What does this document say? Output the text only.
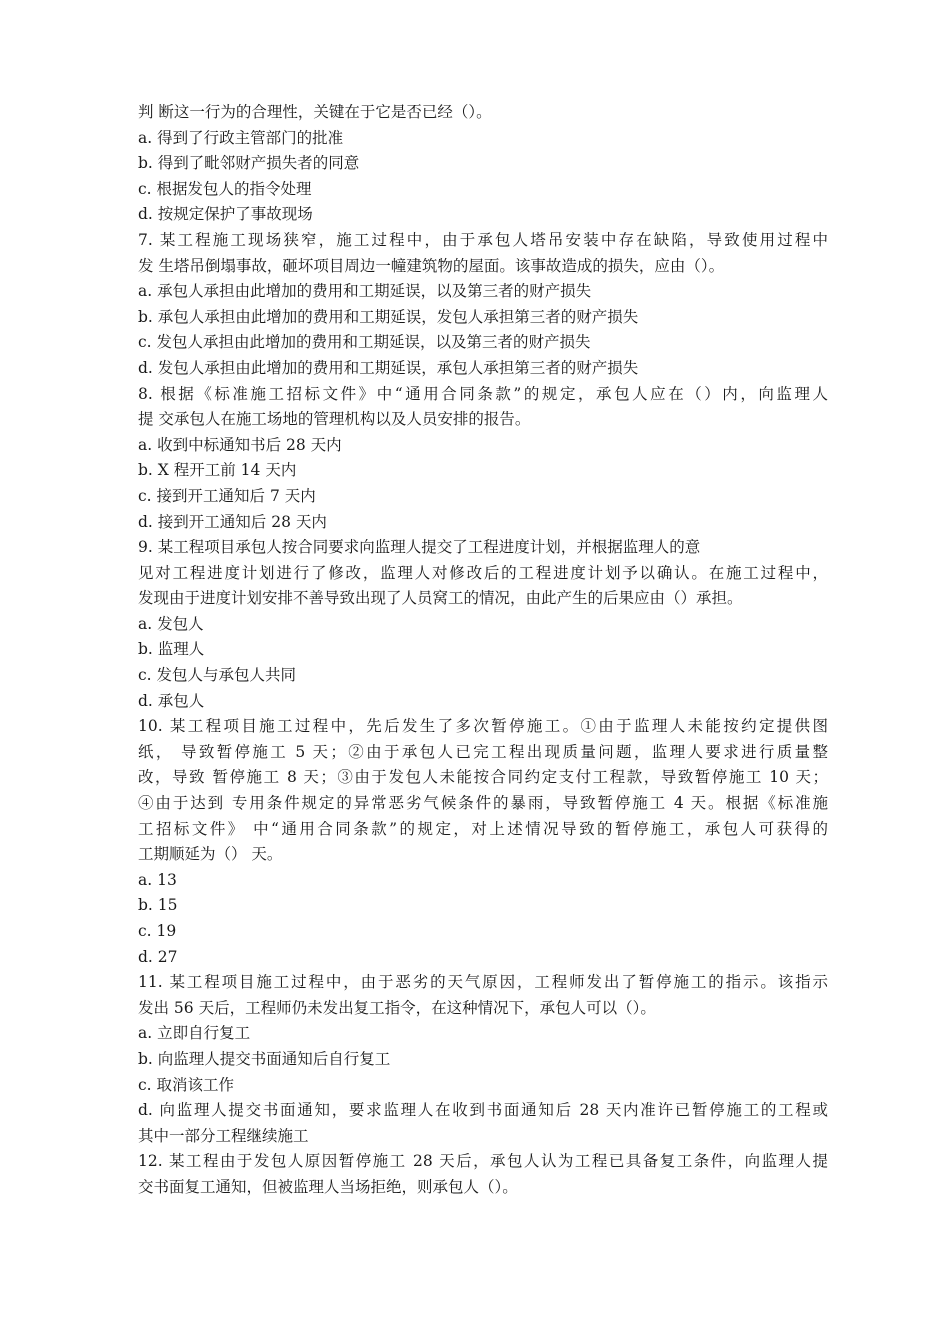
判 断这一行为的合理性，关键在于它是否已经（）。
a. 得到了行政主管部门的批准
b. 得到了毗邻财产损失者的同意
c. 根据发包人的指令处理
d. 按规定保护了事故现场
7. 某工程施工现场狭窄，施工过程中，由于承包人塔吊安装中存在缺陷，导致使用过程中
发 生塔吊倒塌事故，砸坏项目周边一幢建筑物的屋面。该事故造成的损失，应由（）。
a. 承包人承担由此增加的费用和工期延误，以及第三者的财产损失
b. 承包人承担由此增加的费用和工期延误，发包人承担第三者的财产损失
c. 发包人承担由此增加的费用和工期延误，以及第三者的财产损失
d. 发包人承担由此增加的费用和工期延误，承包人承担第三者的财产损失
8. 根据《标准施工招标文件》中“通用合同条款”的规定，承包人应在（）内，向监理人
提 交承包人在施工场地的管理机构以及人员安排的报告。
a. 收到中标通知书后 28 天内
b. X 程开工前 14 天内
c. 接到开工通知后 7 天内
d. 接到开工通知后 28 天内
9. 某工程项目承包人按合同要求向监理人提交了工程进度计划，并根据监理人的意
见对工程进度计划进行了修改，监理人对修改后的工程进度计划予以确认。在施工过程中，
发现由于进度计划安排不善导致出现了人员窝工的情况，由此产生的后果应由（）承担。
a. 发包人
b. 监理人
c. 发包人与承包人共同
d. 承包人
10. 某工程项目施工过程中，先后发生了多次暂停施工。①由于监理人未能按约定提供图
纸， 导致暂停施工 5 天；②由于承包人已完工程出现质量问题，监理人要求进行质量整
改，导致 暂停施工 8 天；③由于发包人未能按合同约定支付工程款，导致暂停施工 10 天；
④由于达到 专用条件规定的异常恶劣气候条件的暴雨，导致暂停施工 4 天。根据《标准施
工招标文件》 中“通用合同条款”的规定，对上述情况导致的暂停施工，承包人可获得的
工期顺延为（） 天。
a. 13
b. 15
c. 19
d. 27
11. 某工程项目施工过程中，由于恶劣的天气原因，工程师发出了暂停施工的指示。该指示
发出 56 天后，工程师仍未发出复工指令，在这种情况下，承包人可以（）。
a. 立即自行复工
b. 向监理人提交书面通知后自行复工
c. 取消该工作
d. 向监理人提交书面通知，要求监理人在收到书面通知后 28 天内准许已暂停施工的工程或
其中一部分工程继续施工
12. 某工程由于发包人原因暂停施工 28 天后，承包人认为工程已具备复工条件，向监理人提
交书面复工通知，但被监理人当场拒绝，则承包人（）。
